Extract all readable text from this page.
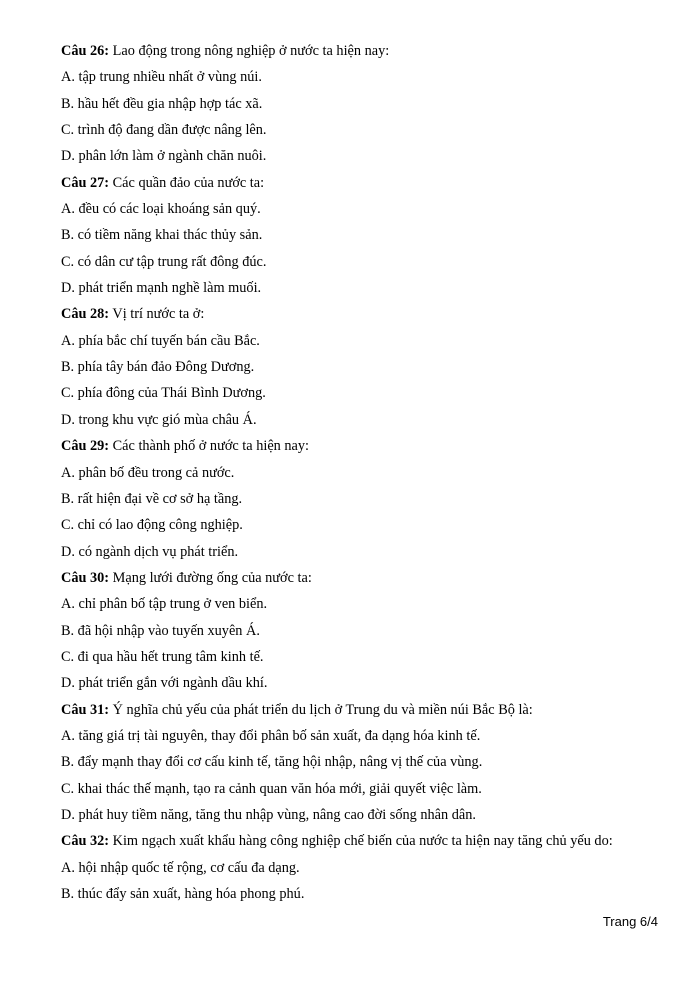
Câu 26: Lao động trong nông nghiệp ở nước ta hiện nay:
A. tập trung nhiều nhất ở vùng núi.
B. hầu hết đều gia nhập hợp tác xã.
C. trình độ đang dần được nâng lên.
D. phân lớn làm ở ngành chăn nuôi.
Câu 27: Các quần đảo của nước ta:
A. đều có các loại khoáng sản quý.
B. có tiềm năng khai thác thủy sản.
C. có dân cư tập trung rất đông đúc.
D. phát triển mạnh nghề làm muối.
Câu 28: Vị trí nước ta ở:
A. phía bắc chí tuyến bán cầu Bắc.
B. phía tây bán đảo Đông Dương.
C. phía đông của Thái Bình Dương.
D. trong khu vực gió mùa châu Á.
Câu 29: Các thành phố ở nước ta hiện nay:
A. phân bố đều trong cả nước.
B. rất hiện đại về cơ sở hạ tầng.
C. chỉ có lao động công nghiệp.
D. có ngành dịch vụ phát triển.
Câu 30: Mạng lưới đường ống của nước ta:
A. chỉ phân bố tập trung ở ven biển.
B. đã hội nhập vào tuyến xuyên Á.
C. đi qua hầu hết trung tâm kinh tế.
D. phát triển gắn với ngành dầu khí.
Câu 31: Ý nghĩa chủ yếu của phát triển du lịch ở Trung du và miền núi Bắc Bộ là:
A. tăng giá trị tài nguyên, thay đổi phân bố sản xuất, đa dạng hóa kinh tế.
B. đẩy mạnh thay đổi cơ cấu kinh tế, tăng hội nhập, nâng vị thế của vùng.
C. khai thác thế mạnh, tạo ra cảnh quan văn hóa mới, giải quyết việc làm.
D. phát huy tiềm năng, tăng thu nhập vùng, nâng cao đời sống nhân dân.
Câu 32: Kim ngạch xuất khẩu hàng công nghiệp chế biến của nước ta hiện nay tăng chủ yếu do:
A. hội nhập quốc tế rộng, cơ cấu đa dạng.
B. thúc đẩy sản xuất, hàng hóa phong phú.
Trang 6/4
